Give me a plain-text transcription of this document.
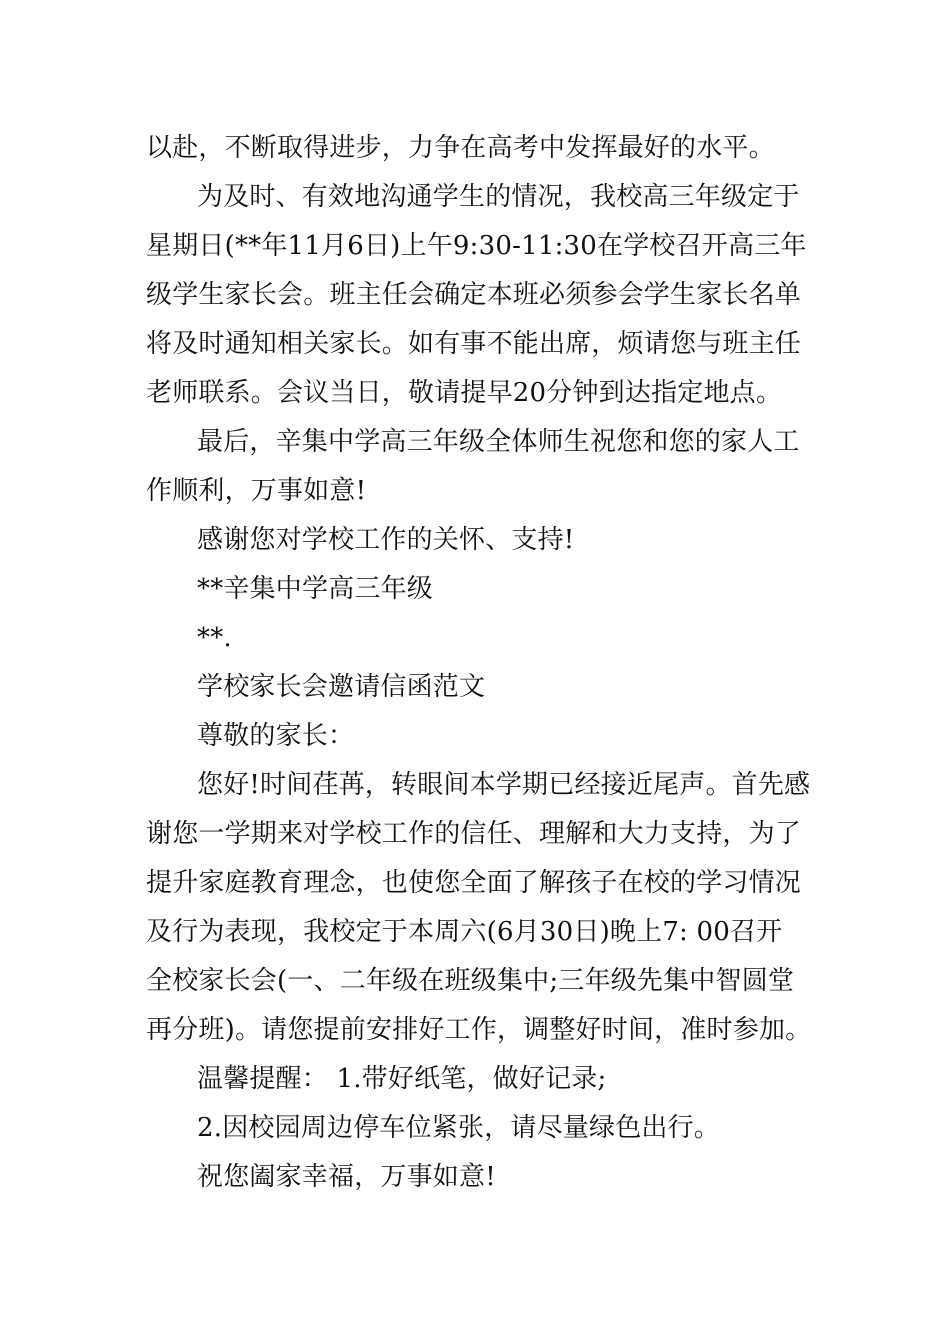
以赴，不断取得进步，力争在高考中发挥最好的水平。
为及时、有效地沟通学生的情况，我校高三年级定于
星期日(**年11月6日)上午9:30-11:30在学校召开高三年
级学生家长会。班主任会确定本班必须参会学生家长名单
将及时通知相关家长。如有事不能出席，烦请您与班主任
老师联系。会议当日，敬请提早20分钟到达指定地点。
最后，辛集中学高三年级全体师生祝您和您的家人工
作顺利，万事如意!
感谢您对学校工作的关怀、支持!
**辛集中学高三年级
**.
学校家长会邀请信函范文
尊敬的家长：
您好!时间荏苒，转眼间本学期已经接近尾声。首先感
谢您一学期来对学校工作的信任、理解和大力支持，为了
提升家庭教育理念，也使您全面了解孩子在校的学习情况
及行为表现，我校定于本周六(6月30日)晚上7: 00召开
全校家长会(一、二年级在班级集中;三年级先集中智圆堂
再分班)。请您提前安排好工作，调整好时间，准时参加。
温馨提醒： 1.带好纸笔，做好记录;
2.因校园周边停车位紧张，请尽量绿色出行。
祝您阖家幸福，万事如意!
